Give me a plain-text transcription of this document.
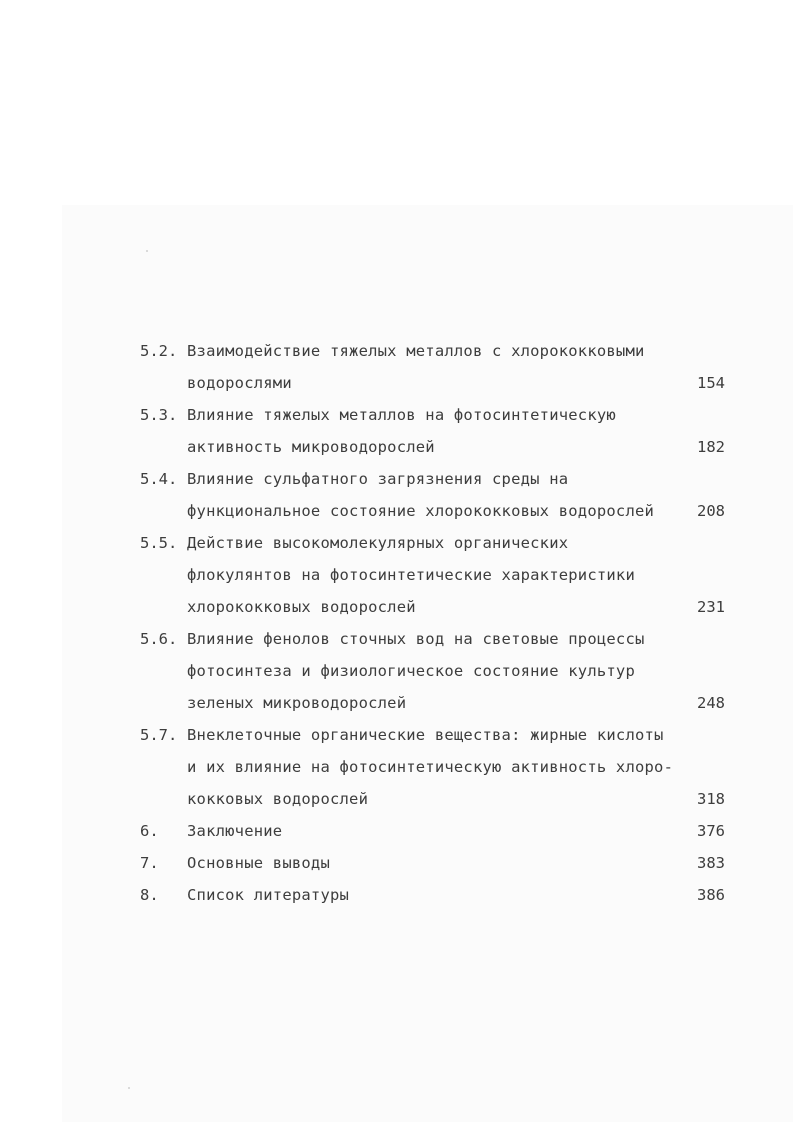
5.2. Взаимодействие тяжелых металлов с хлорококковыми
водорослями	154
5.3. Влияние тяжелых металлов на фотосинтетическую
активность микроводорослей	182
5.4. Влияние сульфатного загрязнения среды на
функциональное состояние хлорококковых водорослей	208
5.5. Действие высокомолекулярных органических
флокулянтов на фотосинтетические характеристики
хлорококковых водорослей	231
5.6. Влияние фенолов сточных вод на световые процессы
фотосинтеза и физиологическое состояние культур
зеленых микроводорослей	248
5.7. Внеклеточные органические вещества: жирные кислоты
и их влияние на фотосинтетическую активность хлоро-
кокковых водорослей	318
6. Заключение	376
7. Основные выводы	383
8. Список литературы	386
